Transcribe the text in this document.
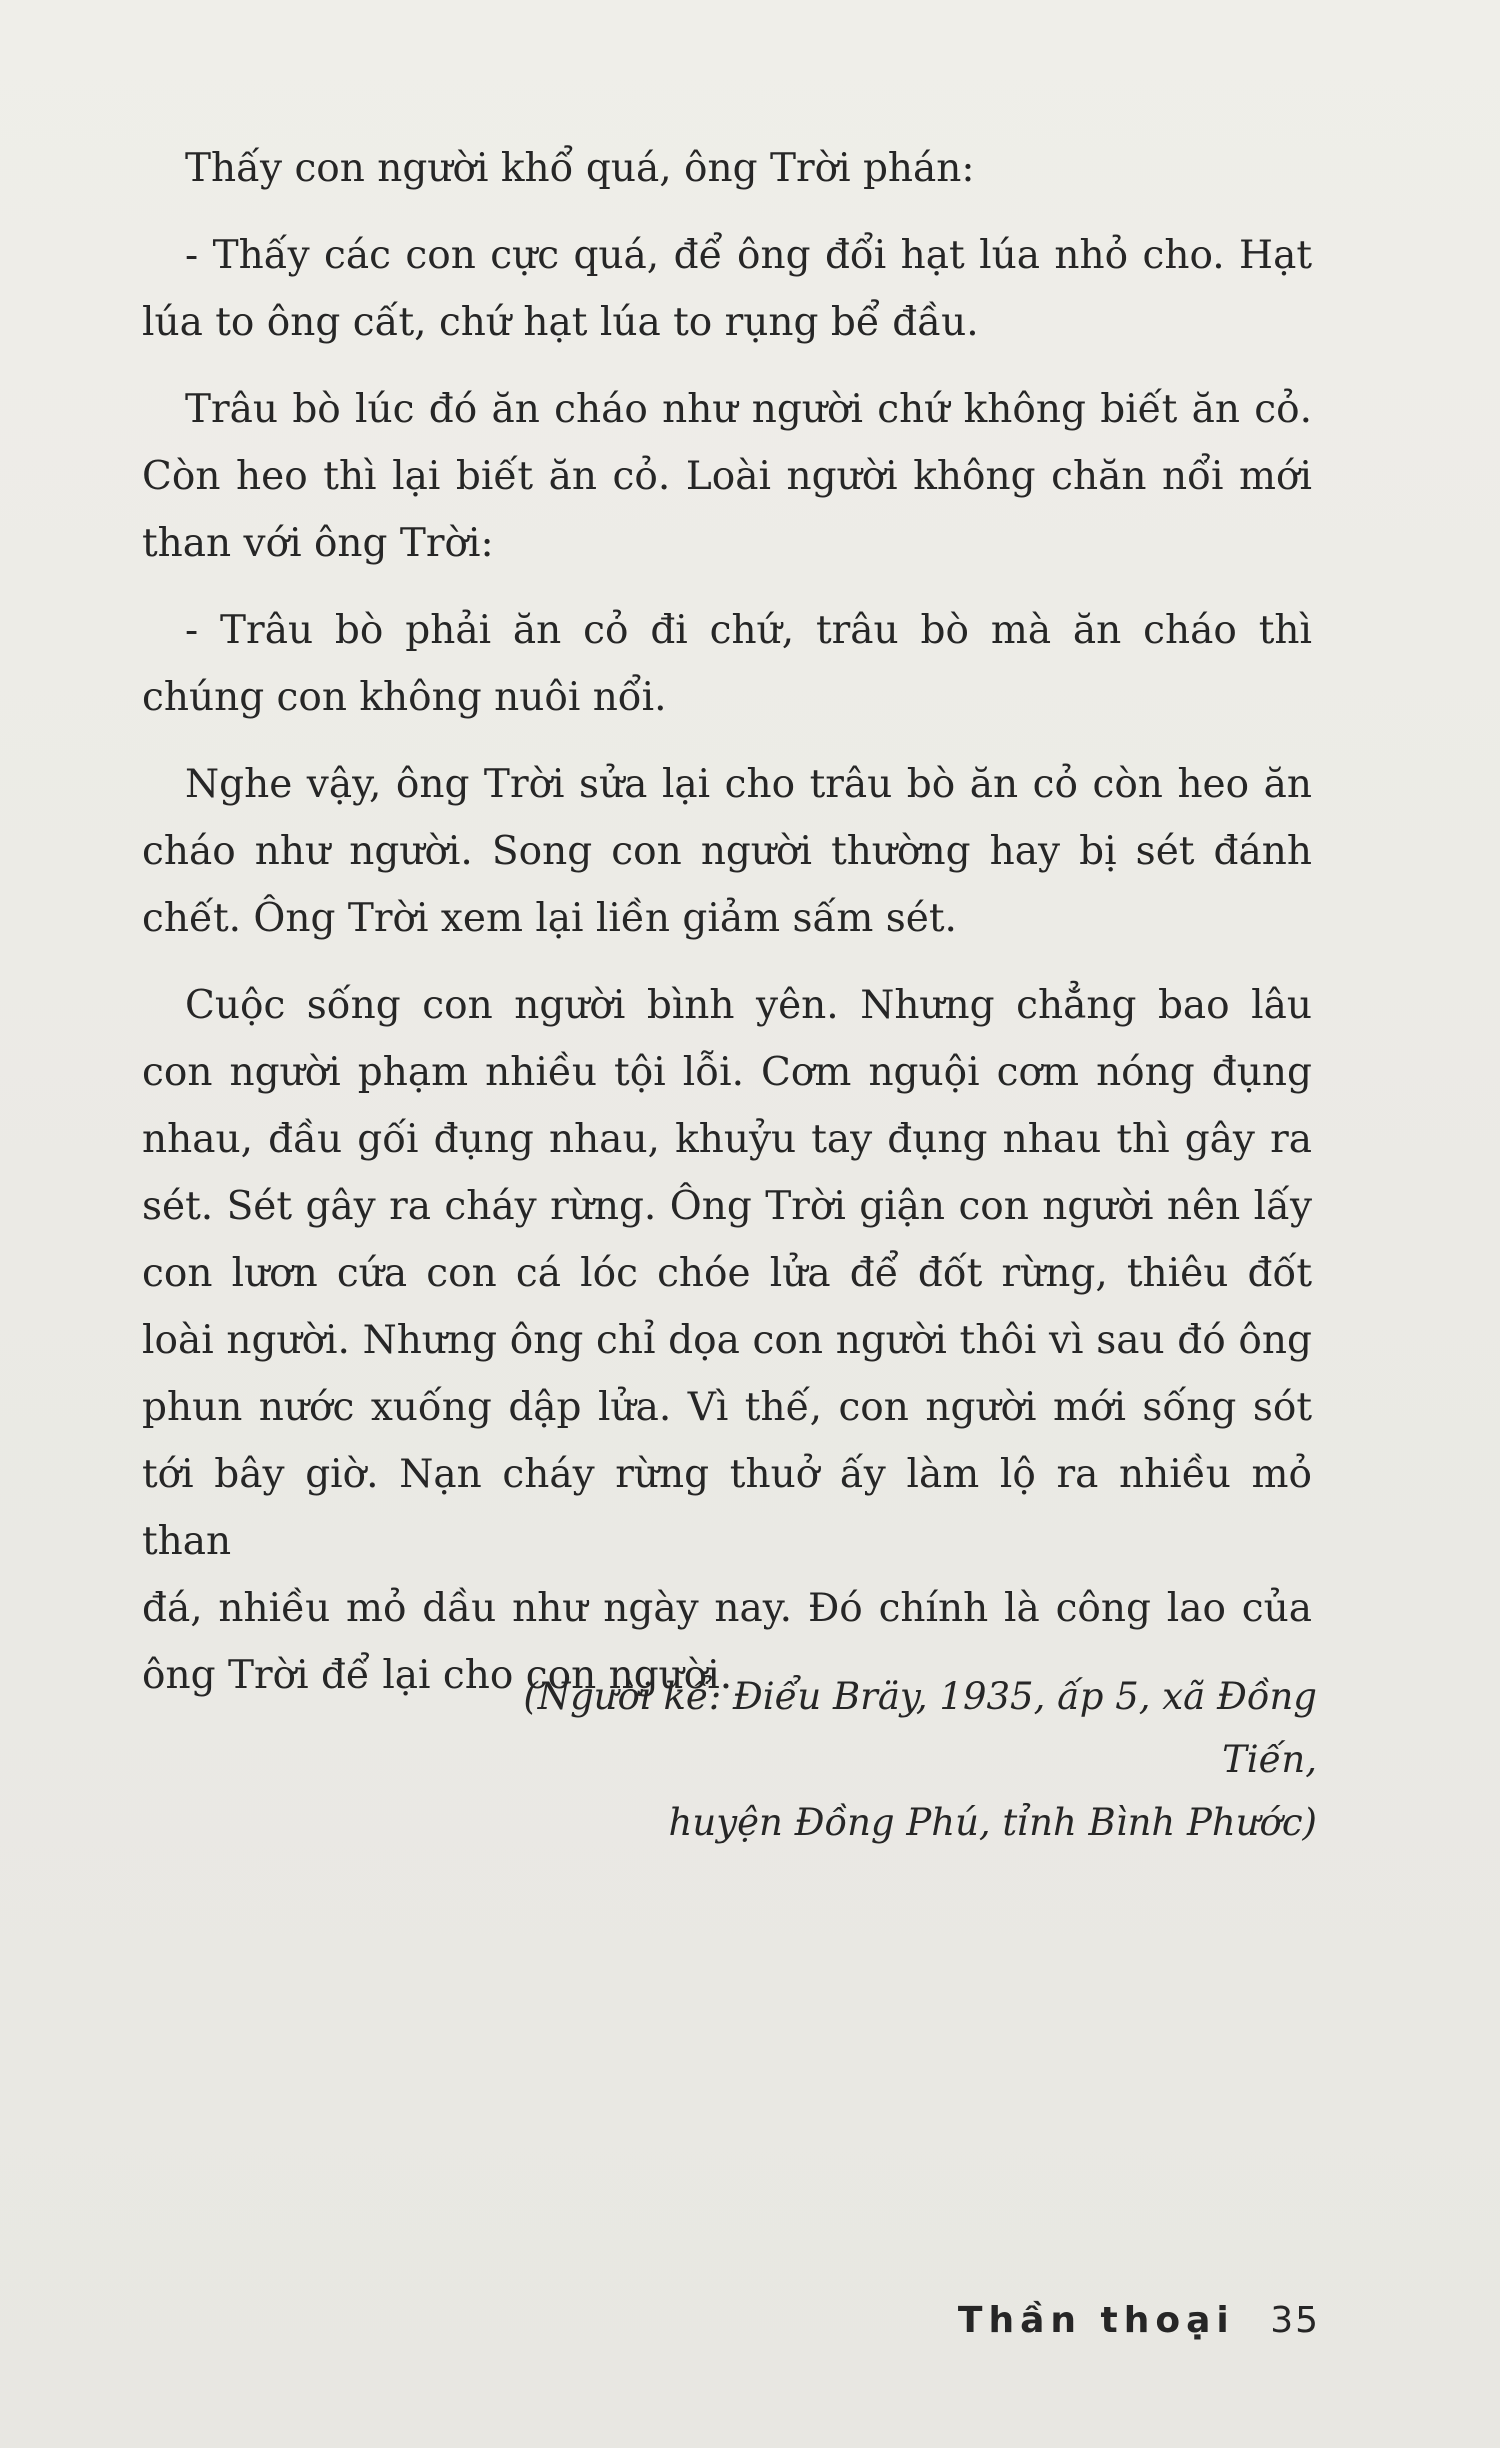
Thấy con người khổ quá, ông Trời phán:
- Thấy các con cực quá, để ông đổi hạt lúa nhỏ cho. Hạt
lúa to ông cất, chứ hạt lúa to rụng bể đầu.
Trâu bò lúc đó ăn cháo như người chứ không biết ăn cỏ.
Còn heo thì lại biết ăn cỏ. Loài người không chăn nổi mới
than với ông Trời:
- Trâu bò phải ăn cỏ đi chứ, trâu bò mà ăn cháo thì
chúng con không nuôi nổi.
Nghe vậy, ông Trời sửa lại cho trâu bò ăn cỏ còn heo ăn
cháo như người. Song con người thường hay bị sét đánh
chết. Ông Trời xem lại liền giảm sấm sét.
Cuộc sống con người bình yên. Nhưng chẳng bao lâu
con người phạm nhiều tội lỗi. Cơm nguội cơm nóng đụng
nhau, đầu gối đụng nhau, khuỷu tay đụng nhau thì gây ra
sét. Sét gây ra cháy rừng. Ông Trời giận con người nên lấy
con lươn cứa con cá lóc chóe lửa để đốt rừng, thiêu đốt
loài người. Nhưng ông chỉ dọa con người thôi vì sau đó ông
phun nước xuống dập lửa. Vì thế, con người mới sống sót
tới bây giờ. Nạn cháy rừng thuở ấy làm lộ ra nhiều mỏ than
đá, nhiều mỏ dầu như ngày nay. Đó chính là công lao của
ông Trời để lại cho con người.
(Người kể: Điểu Bräy, 1935, ấp 5, xã Đồng Tiến,
huyện Đồng Phú, tỉnh Bình Phước)
Thần thoại 35
